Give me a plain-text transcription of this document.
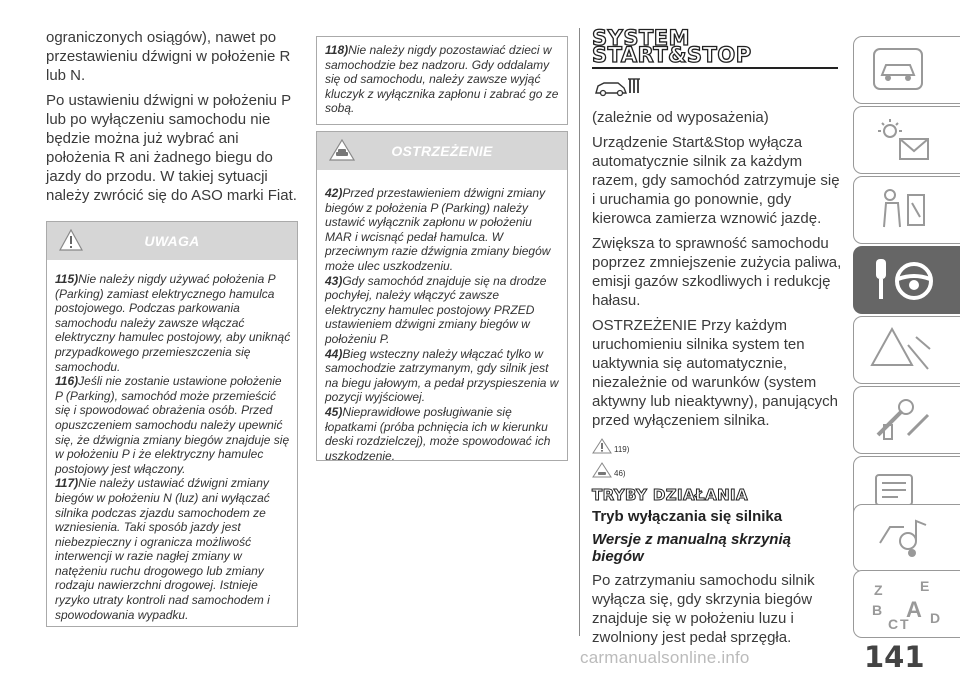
ograniczonych osiągów), nawet po przestawieniu dźwigni w położenie R lub N.

Po ustawieniu dźwigni w położeniu P lub po wyłączeniu samochodu nie będzie można już wybrać ani położenia R ani żadnego biegu do jazdy do przodu. W takiej sytuacji należy zwrócić się do ASO marki Fiat.

UWAGA
115)Nie należy nigdy używać położenia P (Parking) zamiast elektrycznego hamulca postojowego. Podczas parkowania samochodu należy zawsze włączać elektryczny hamulec postojowy, aby uniknąć przypadkowego przemieszczenia się samochodu.
116)Jeśli nie zostanie ustawione położenie P (Parking), samochód może przemieścić się i spowodować obrażenia osób. Przed opuszczeniem samochodu należy upewnić się, że dźwignia zmiany biegów znajduje się w położeniu P i że elektryczny hamulec postojowy jest włączony.
117)Nie należy ustawiać dźwigni zmiany biegów w położeniu N (luz) ani wyłączać silnika podczas zjazdu samochodem ze wzniesienia. Taki sposób jazdy jest niebezpieczny i ogranicza możliwość interwencji w razie nagłej zmiany w natężeniu ruchu drogowego lub zmiany rodzaju nawierzchni drogowej. Istnieje ryzyko utraty kontroli nad samochodem i spowodowania wypadku.
118)Nie należy nigdy pozostawiać dzieci w samochodzie bez nadzoru. Gdy oddalamy się od samochodu, należy zawsze wyjąć kluczyk z wyłącznika zapłonu i zabrać go ze sobą.
OSTRZEŻENIE
42)Przed przestawieniem dźwigni zmiany biegów z położenia P (Parking) należy ustawić wyłącznik zapłonu w położeniu MAR i wcisnąć pedał hamulca. W przeciwnym razie dźwignia zmiany biegów może ulec uszkodzeniu.
43)Gdy samochód znajduje się na drodze pochyłej, należy włączyć zawsze elektryczny hamulec postojowy PRZED ustawieniem dźwigni zmiany biegów w położeniu P.
44)Bieg wsteczny należy włączać tylko w samochodzie zatrzymanym, gdy silnik jest na biegu jałowym, a pedał przyspieszenia w pozycji wyjściowej.
45)Nieprawidłowe posługiwanie się łopatkami (próba pchnięcia ich w kierunku deski rozdzielczej), może spowodować ich uszkodzenie.
SYSTEM
START&STOP

(zależnie od wyposażenia)

Urządzenie Start&Stop wyłącza automatycznie silnik za każdym razem, gdy samochód zatrzymuje się i uruchamia go ponownie, gdy kierowca zamierza wznowić jazdę.

Zwiększa to sprawność samochodu poprzez zmniejszenie zużycia paliwa, emisji gazów szkodliwych i redukcję hałasu.

OSTRZEŻENIE Przy każdym uruchomieniu silnika system ten uaktywnia się automatycznie, niezależnie od warunków (system aktywny lub nieaktywny), panujących przed wyłączeniem silnika.

119)
46)
TRYBY DZIAŁANIA
Tryb wyłączania się silnika
Wersje z manualną skrzynią biegów

Po zatrzymaniu samochodu silnik wyłącza się, gdy skrzynia biegów znajduje się w położeniu luzu i zwolniony jest pedał sprzęgła.

Z	E
B A
C T D
141
carmanualsonline.info
